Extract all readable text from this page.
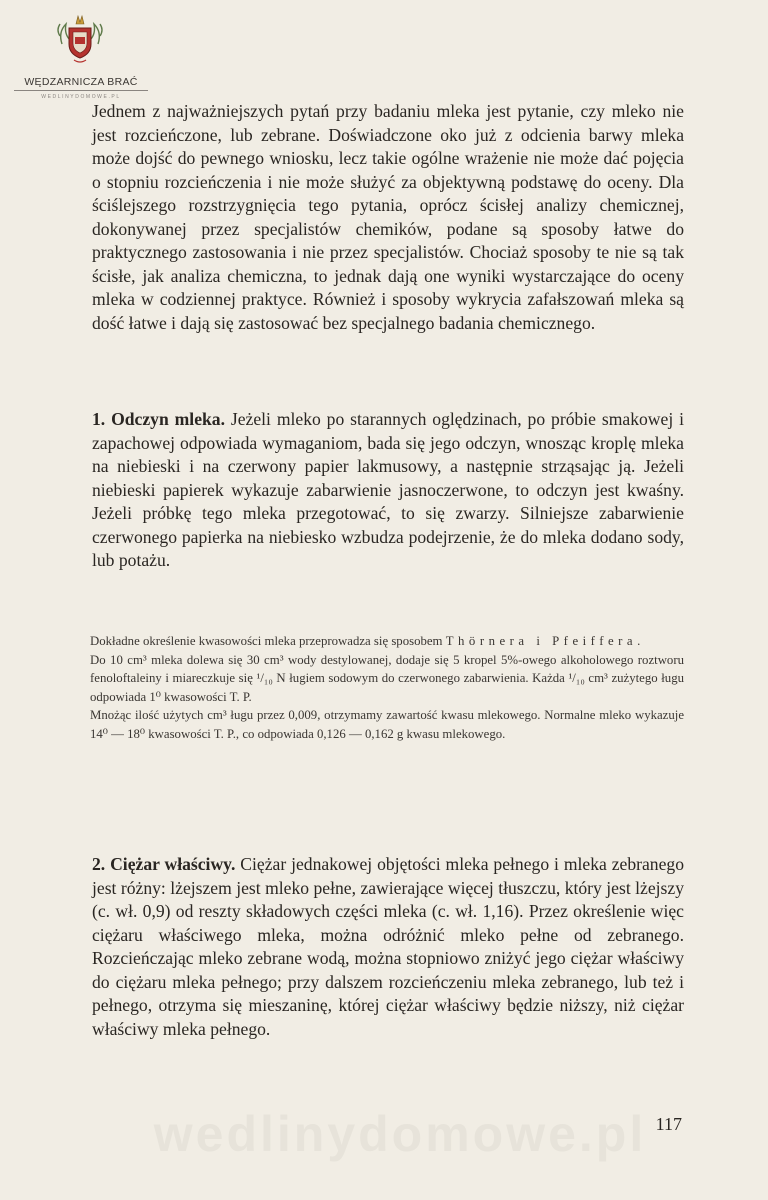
WĘDZARNICZA BRAĆ
WEDLINYDOMOWE.PL

Jednem z najważniejszych pytań przy badaniu mleka jest pytanie, czy mleko nie jest rozcieńczone, lub zebrane. Doświadczone oko już z odcienia barwy mleka może dojść do pewnego wniosku, lecz takie ogólne wrażenie nie może dać pojęcia o stopniu rozcieńczenia i nie może służyć za objektywną podstawę do oceny. Dla ściślejszego rozstrzygnięcia tego pytania, oprócz ścisłej analizy chemicznej, dokonywanej przez specjalistów chemików, podane są sposoby łatwe do praktycznego zastosowania i nie przez specjalistów. Chociaż sposoby te nie są tak ścisłe, jak analiza chemiczna, to jednak dają one wyniki wystarczające do oceny mleka w codziennej praktyce. Również i sposoby wykrycia zafałszowań mleka są dość łatwe i dają się zastosować bez specjalnego badania chemicznego.

1. Odczyn mleka. Jeżeli mleko po starannych oględzinach, po próbie smakowej i zapachowej odpowiada wymaganiom, bada się jego odczyn, wnosząc kroplę mleka na niebieski i na czerwony papier lakmusowy, a następnie strząsając ją. Jeżeli niebieski papierek wykazuje zabarwienie jasnoczerwone, to odczyn jest kwaśny. Jeżeli próbkę tego mleka przegotować, to się zwarzy. Silniejsze zabarwienie czerwonego papierka na niebiesko wzbudza podejrzenie, że do mleka dodano sody, lub potażu.

Dokładne określenie kwasowości mleka przeprowadza się sposobem Thörnera i Pfeiffera.

Do 10 cm³ mleka dolewa się 30 cm³ wody destylowanej, dodaje się 5 kropel 5%-owego alkoholowego roztworu fenoloftaleiny i miareczkuje się ¹/₁₀ N ługiem sodowym do czerwonego zabarwienia. Każda ¹/₁₀ cm³ zużytego ługu odpowiada 1⁰ kwasowości T. P.

Mnożąc ilość użytych cm³ ługu przez 0,009, otrzymamy zawartość kwasu mlekowego. Normalne mleko wykazuje 14⁰ — 18⁰ kwasowości T. P., co odpowiada 0,126 — 0,162 g kwasu mlekowego.

2. Ciężar właściwy. Ciężar jednakowej objętości mleka pełnego i mleka zebranego jest różny: lżejszem jest mleko pełne, zawierające więcej tłuszczu, który jest lżejszy (c. wł. 0,9) od reszty składowych części mleka (c. wł. 1,16). Przez określenie więc ciężaru właściwego mleka, można odróżnić mleko pełne od zebranego. Rozcieńczając mleko zebrane wodą, można stopniowo zniżyć jego ciężar właściwy do ciężaru mleka pełnego; przy dalszem rozcieńczeniu mleka zebranego, lub też i pełnego, otrzyma się mieszaninę, której ciężar właściwy będzie niższy, niż ciężar właściwy mleka pełnego.

wedlinydomowe.pl 117
